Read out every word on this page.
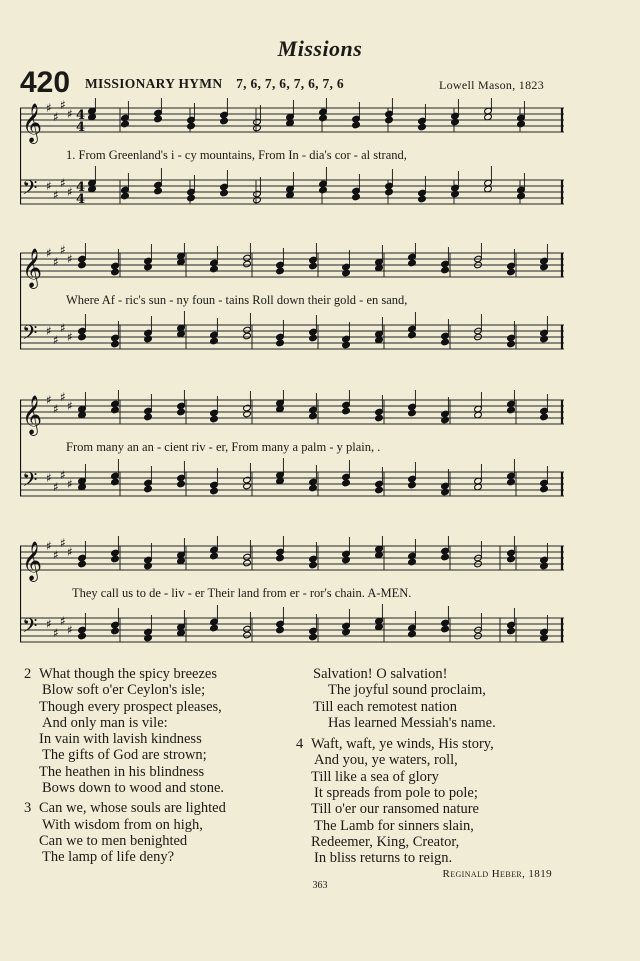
Missions
420 MISSIONARY HYMN 7, 6, 7, 6, 7, 6, 7, 6	Lowell Mason, 1823
𝄞 ♯
♯
♯
♯ 4
4
𝄢 ♯
♯
♯
♯ 4
4
1. From Greenland's i - cy mountains, From In - dia's cor - al strand,
𝄞 ♯
♯
♯
♯
𝄢 ♯
♯
♯
♯
Where Af - ric's sun - ny foun - tains Roll down their gold - en sand,
𝄞 ♯
♯
♯
♯
𝄢 ♯
♯
♯
♯
From many an an - cient riv - er, From many a palm - y plain, .
𝄞 ♯
♯
♯
♯
𝄢 ♯
♯
♯
♯
They call us to de - liv - er Their land from er - ror's chain. A-MEN.
2 What though the spicy breezes
Blow soft o'er Ceylon's isle;
Though every prospect pleases,
And only man is vile:
In vain with lavish kindness
The gifts of God are strown;
The heathen in his blindness
Bows down to wood and stone.
3 Can we, whose souls are lighted
With wisdom from on high,
Can we to men benighted
The lamp of life deny?
Salvation! O salvation!
The joyful sound proclaim,
Till each remotest nation
Has learned Messiah's name.
4 Waft, waft, ye winds, His story,
And you, ye waters, roll,
Till like a sea of glory
It spreads from pole to pole;
Till o'er our ransomed nature
The Lamb for sinners slain,
Redeemer, King, Creator,
In bliss returns to reign.
Reginald Heber, 1819
363
